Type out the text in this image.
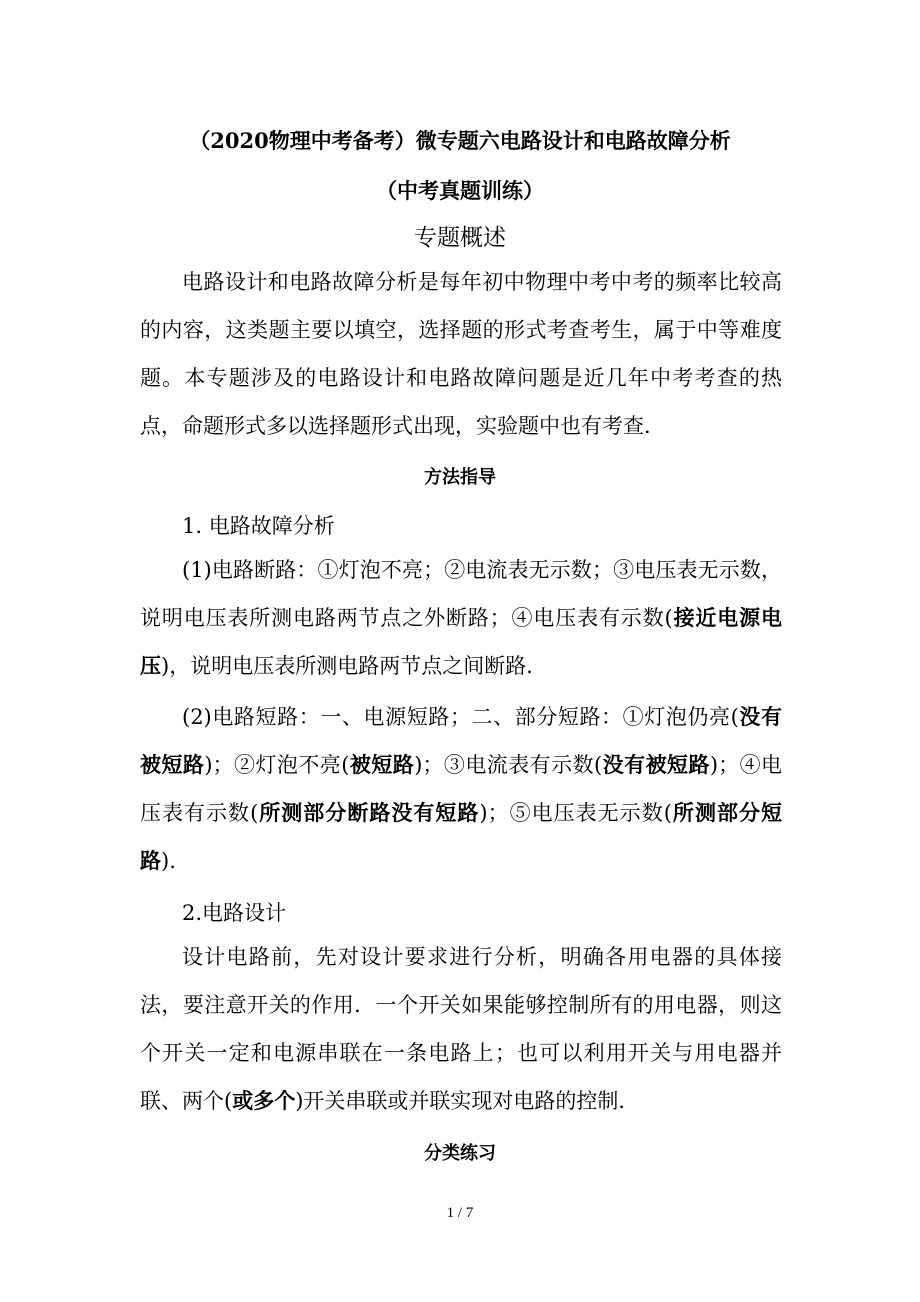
（2020物理中考备考）微专题六电路设计和电路故障分析
（中考真题训练）
专题概述

电路设计和电路故障分析是每年初中物理中考中考的频率比较高的内容，这类题主要以填空，选择题的形式考查考生，属于中等难度题。本专题涉及的电路设计和电路故障问题是近几年中考考查的热点，命题形式多以选择题形式出现，实验题中也有考查．

方法指导
1. 电路故障分析

(1)电路断路：①灯泡不亮；②电流表无示数；③电压表无示数，说明电压表所测电路两节点之外断路；④电压表有示数(接近电源电压)，说明电压表所测电路两节点之间断路．

(2)电路短路：一、电源短路；二、部分短路：①灯泡仍亮(没有被短路)；②灯泡不亮(被短路)；③电流表有示数(没有被短路)；④电压表有示数(所测部分断路没有短路)；⑤电压表无示数(所测部分短路).

2.电路设计

设计电路前，先对设计要求进行分析，明确各用电器的具体接法，要注意开关的作用．一个开关如果能够控制所有的用电器，则这个开关一定和电源串联在一条电路上；也可以利用开关与用电器并联、两个(或多个)开关串联或并联实现对电路的控制．

分类练习
1 / 7
